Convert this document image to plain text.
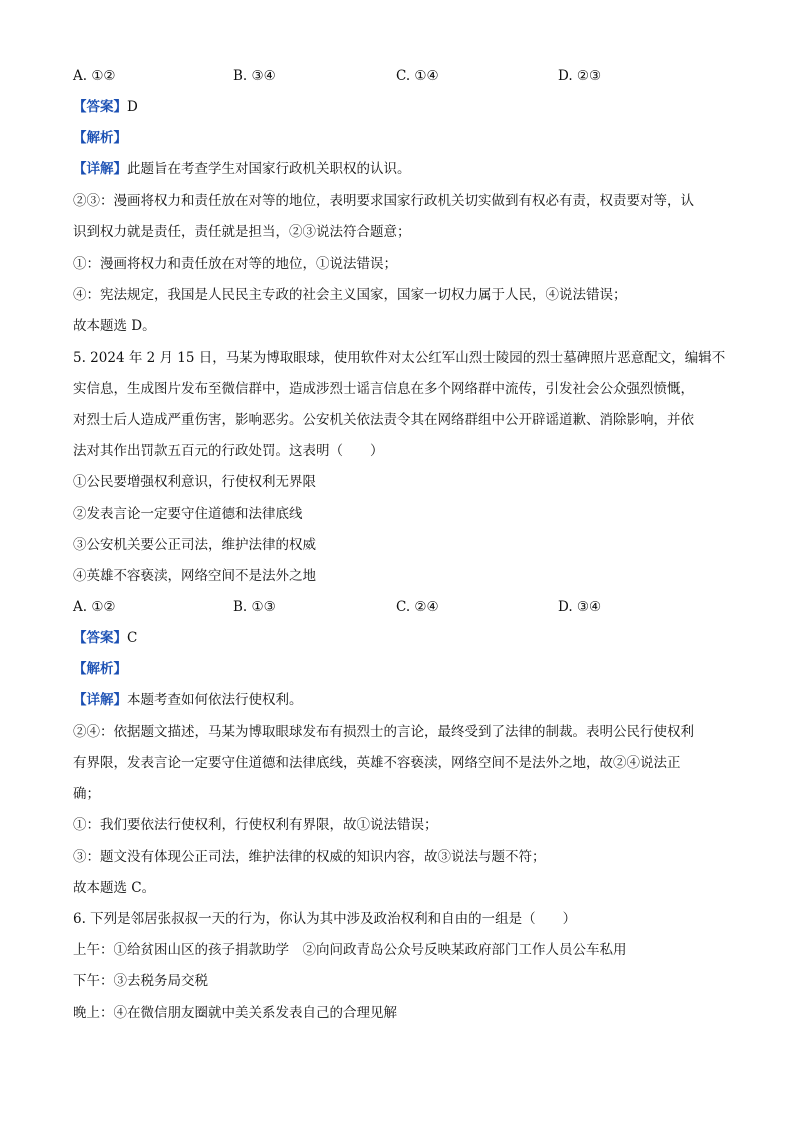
A. ①②	B. ③④	C. ①④	D. ②③
【答案】D
【解析】
【详解】此题旨在考查学生对国家行政机关职权的认识。
②③：漫画将权力和责任放在对等的地位，表明要求国家行政机关切实做到有权必有责，权责要对等，认
识到权力就是责任，责任就是担当，②③说法符合题意；
①：漫画将权力和责任放在对等的地位，①说法错误；
④：宪法规定，我国是人民民主专政的社会主义国家，国家一切权力属于人民，④说法错误；
故本题选 D。
5. 2024 年 2 月 15 日，马某为博取眼球，使用软件对太公红军山烈士陵园的烈士墓碑照片恶意配文，编辑不
实信息，生成图片发布至微信群中，造成涉烈士谣言信息在多个网络群中流传，引发社会公众强烈愤慨，
对烈士后人造成严重伤害，影响恶劣。公安机关依法责令其在网络群组中公开辟谣道歉、消除影响，并依
法对其作出罚款五百元的行政处罚。这表明（　　）
①公民要增强权利意识，行使权利无界限
②发表言论一定要守住道德和法律底线
③公安机关要公正司法，维护法律的权威
④英雄不容亵渎，网络空间不是法外之地
A. ①②	B. ①③	C. ②④	D. ③④
【答案】C
【解析】
【详解】本题考查如何依法行使权利。
②④：依据题文描述，马某为博取眼球发布有损烈士的言论，最终受到了法律的制裁。表明公民行使权利
有界限，发表言论一定要守住道德和法律底线，英雄不容亵渎，网络空间不是法外之地，故②④说法正
确；
①：我们要依法行使权利，行使权利有界限，故①说法错误；
③：题文没有体现公正司法，维护法律的权威的知识内容，故③说法与题不符；
故本题选 C。
6. 下列是邻居张叔叔一天的行为，你认为其中涉及政治权利和自由的一组是（　　）
上午：①给贫困山区的孩子捐款助学　②向问政青岛公众号反映某政府部门工作人员公车私用
下午：③去税务局交税
晚上：④在微信朋友圈就中美关系发表自己的合理见解
